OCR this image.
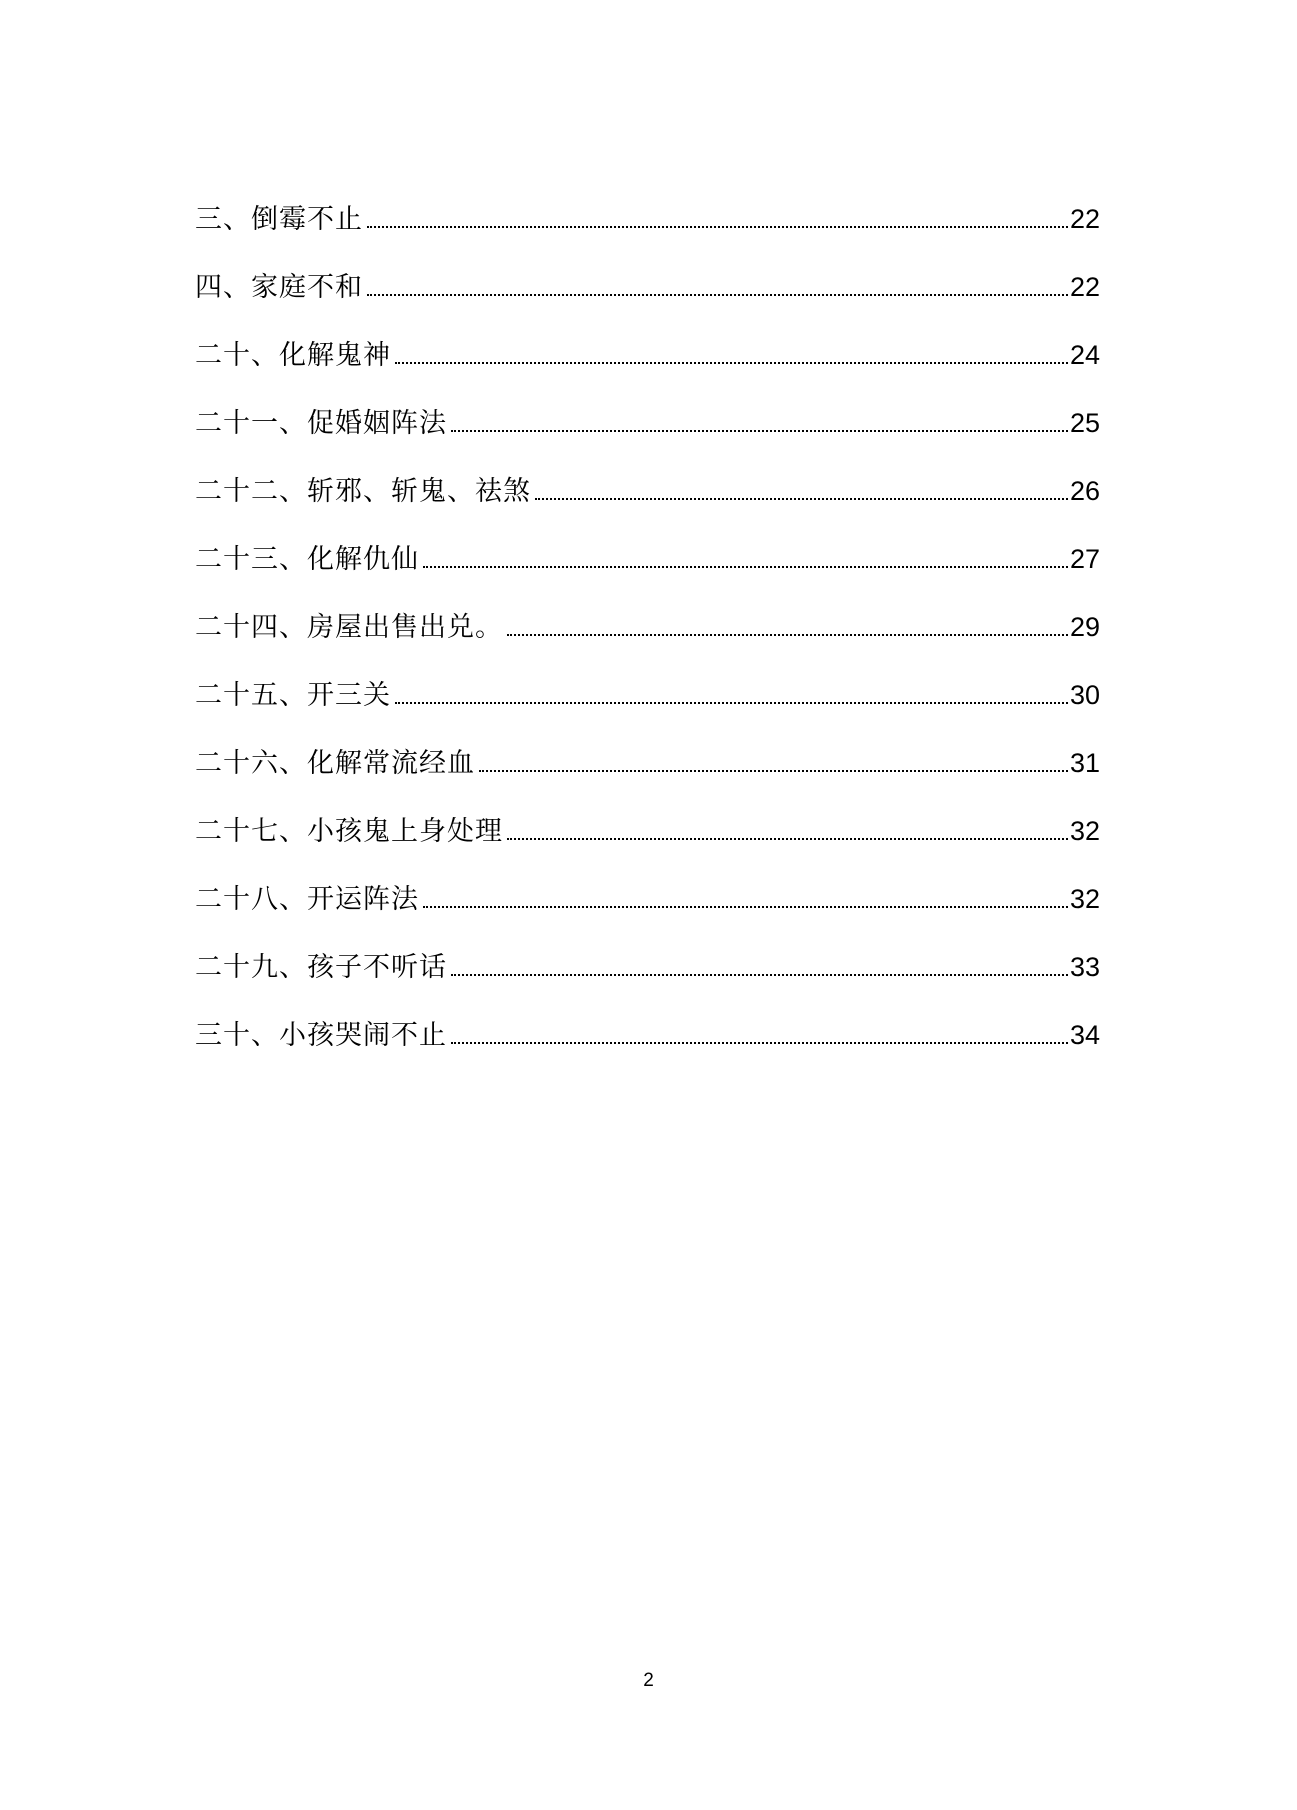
三、倒霉不止	22
四、家庭不和	22
二十、化解鬼神	24
二十一、促婚姻阵法	25
二十二、斩邪、斩鬼、祛煞	26
二十三、化解仇仙	27
二十四、房屋出售出兑。	29
二十五、开三关	30
二十六、化解常流经血	31
二十七、小孩鬼上身处理	32
二十八、开运阵法	32
二十九、孩子不听话	33
三十、小孩哭闹不止	34
2
